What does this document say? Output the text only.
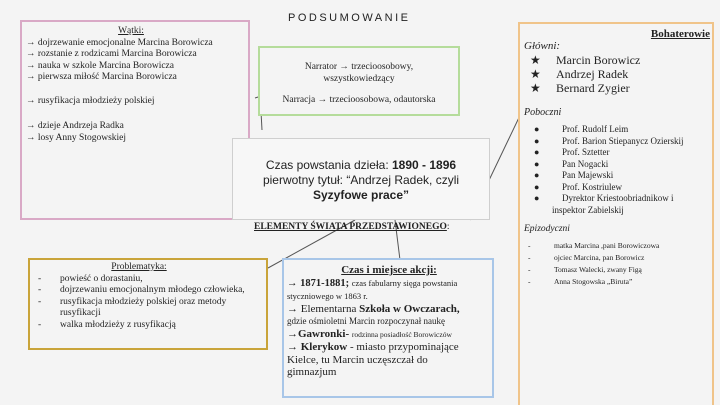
PODSUMOWANIE
Wątki:
→ dojrzewanie emocjonalne Marcina Borowicza
→ rozstanie z rodzicami Marcina Borowicza
→ nauka w szkole Marcina Borowicza
→ pierwsza miłość Marcina Borowicza
→ rusyfikacja młodzieży polskiej
→ dzieje Andrzeja Radka
→ losy Anny Stogowskiej
Narrator → trzecioosobowy,
wszystkowiedzący
Narracja → trzecioosobowa, odautorska
Czas powstania dzieła: 1890 - 1896
pierwotny tytuł: “Andrzej Radek, czyli
Syzyfowe prace”
ELEMENTY ŚWIATA PRZEDSTAWIONEGO:
Problematyka:
- powieść o dorastaniu,
- dojrzewaniu emocjonalnym młodego człowieka,
- rusyfikacja młodzieży polskiej oraz metody rusyfikacji
- walka młodzieży z rusyfikacją
Czas i miejsce akcji:
→ 1871-1881; czas fabularny sięga powstania
styczniowego w 1863 r.
→ Elementarna Szkoła w Owczarach,
gdzie ośmioletni Marcin rozpoczynał naukę
→Gawronki- rodzinna posiadłość Borowiczów
→ Klerykow - miasto przypominające
Kielce, tu Marcin uczęszczał do
gimnazjum
Bohaterowie
Główni:
★ Marcin Borowicz
★ Andrzej Radek
★ Bernard Zygier
Poboczni
●	Prof. Rudolf Leim
●	Prof. Barion Stiepanycz Ozierskij
●	Prof. Sztetter
●	Pan Nogacki
●	Pan Majewski
●	Prof. Kostriulew
●	Dyrektor Kriestoobriadnikow i
inspektor Zabielskij
Epizodyczni
- matka Marcina ,pani Borowiczowa
- ojciec Marcina, pan Borowicz
- Tomasz Walecki, zwany Figą
- Anna Stogowska „Biruta”
